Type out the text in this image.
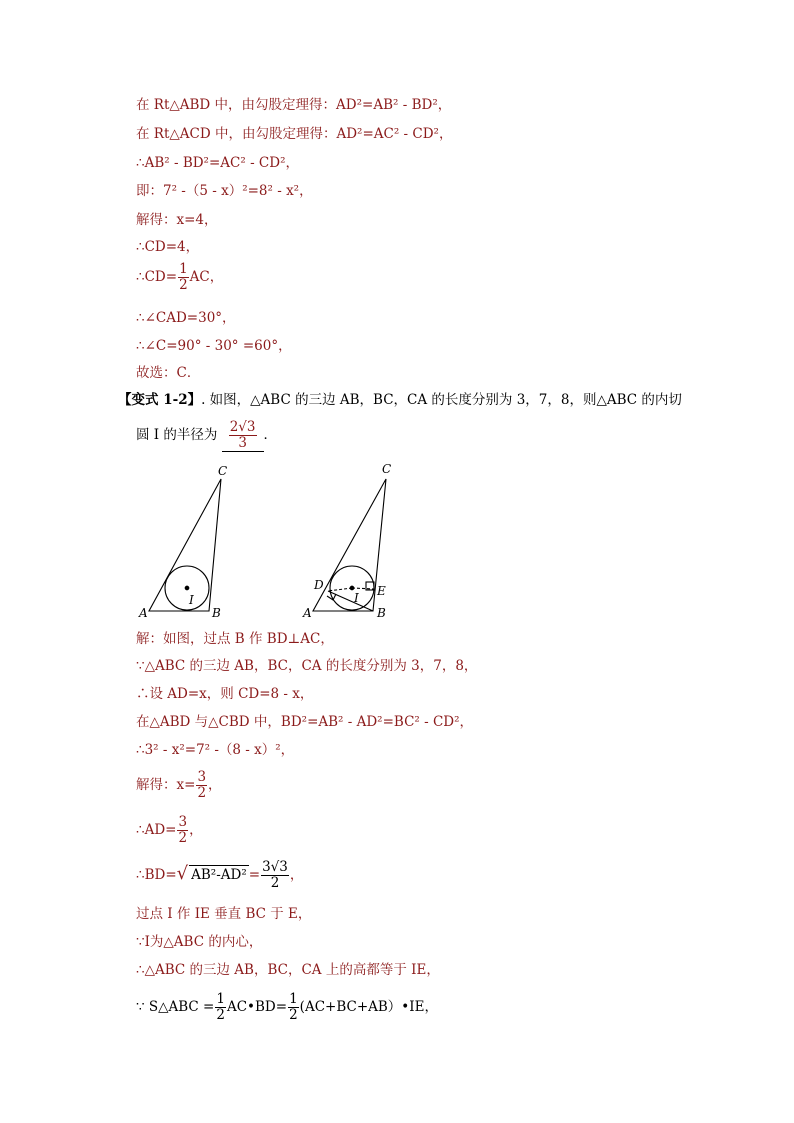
在 Rt△ABD 中，由勾股定理得：AD²=AB² - BD²，
在 Rt△ACD 中，由勾股定理得：AD²=AC² - CD²，
∴AB² - BD²=AC² - CD²，
即：7² -（5 - x）²=8² - x²，
解得：x=4，
∴CD=4，
∴CD= $\frac{1}{2}$ AC，
∴∠CAD=30°，
∴∠C=90° - 30° =60°，
故选：C．
【变式 1-2】. 如图，△ABC 的三边 AB，BC，CA 的长度分别为 3，7，8，则△ABC 的内切
圆 I 的半径为 $\frac{2√3}{3}$ ．
A	B
C
I
A	B
C
I
D	E
解：如图，过点 B 作 BD⊥AC，
∵△ABC 的三边 AB，BC，CA 的长度分别为 3，7，8，
∴设 AD=x，则 CD=8 - x，
在△ABD 与△CBD 中，BD²=AB² - AD²=BC² - CD²，
∴3² - x²=7² -（8 - x）²，
解得：$x= \frac{3}{2}$ ，
∴AD= $\frac{3}{2}$ ，
∴BD=√ $AB^2-AD^2 = \frac{3√3}{2}$ ，
过点 I 作 IE 垂直 BC 于 E，
∵I为△ABC 的内心，
∴△ABC 的三边 AB，BC，CA 上的高都等于 IE，
∵ S△ABC = $\frac{1}{2}$ AC•BD= $\frac{1}{2}$ (AC+BC+AB）•IE，
